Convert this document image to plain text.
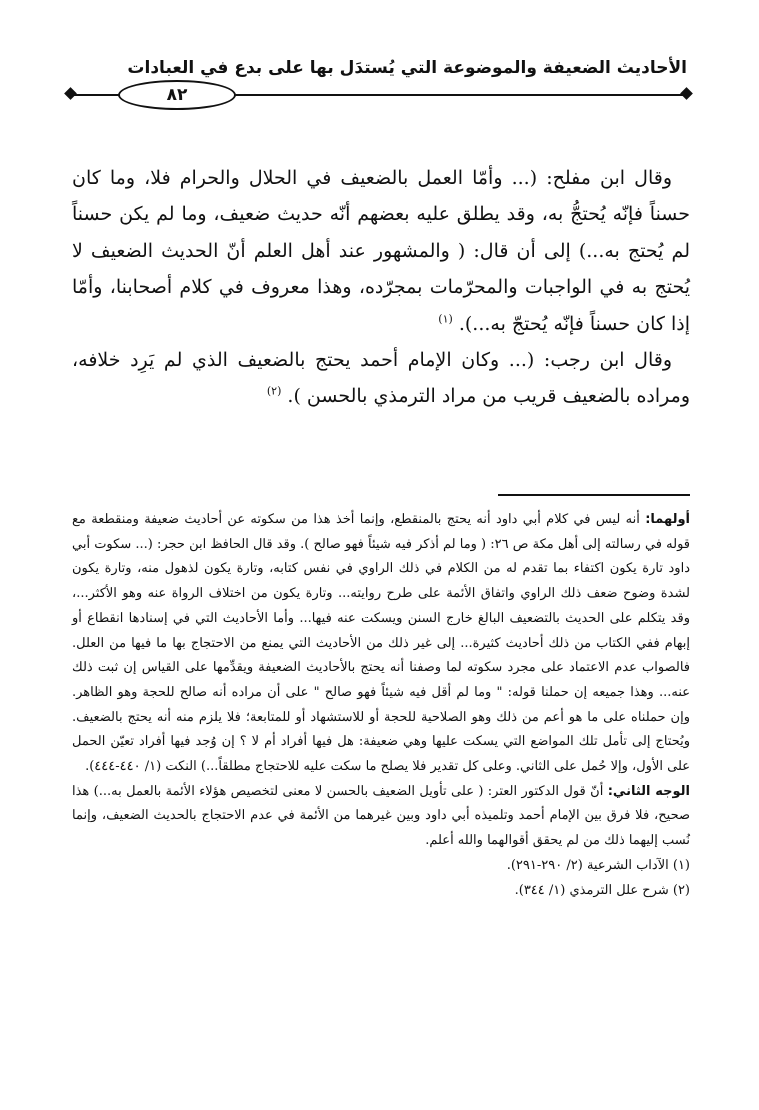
الأحاديث الضعيفة والموضوعة التي يُستدَل بها على بدع في العبادات
٨٢

وقال ابن مفلح: (... وأمّا العمل بالضعيف في الحلال والحرام فلا، وما كان حسناً فإنّه يُحتجُّ به، وقد يطلق عليه بعضهم أنّه حديث ضعيف، وما لم يكن حسناً لم يُحتج به...) إلى أن قال: ( والمشهور عند أهل العلم أنّ الحديث الضعيف لا يُحتج به في الواجبات والمحرّمات بمجرّده، وهذا معروف في كلام أصحابنا، وأمّا إذا كان حسناً فإنّه يُحتجّ به...). $^{(١)}$

وقال ابن رجب: (... وكان الإمام أحمد يحتج بالضعيف الذي لم يَرِد خلافه، ومراده بالضعيف قريب من مراد الترمذي بالحسن ). $^{(٢)}$

أولهما: أنه ليس في كلام أبي داود أنه يحتج بالمنقطع، وإنما أخذ هذا من سكوته عن أحاديث ضعيفة ومنقطعة مع قوله في رسالته إلى أهل مكة ص ٢٦: ( وما لم أذكر فيه شيئاً فهو صالح ). وقد قال الحافظ ابن حجر: (... سكوت أبي داود تارة يكون اكتفاء بما تقدم له من الكلام في ذلك الراوي في نفس كتابه، وتارة يكون لذهول منه، وتارة يكون لشدة وضوح ضعف ذلك الراوي واتفاق الأئمة على طرح روايته... وتارة يكون من اختلاف الرواة عنه وهو الأكثر...، وقد يتكلم على الحديث بالتضعيف البالغ خارج السنن ويسكت عنه فيها... وأما الأحاديث التي في إسنادها انقطاع أو إبهام ففي الكتاب من ذلك أحاديث كثيرة... إلى غير ذلك من الأحاديث التي يمنع من الاحتجاج بها ما فيها من العلل. فالصواب عدم الاعتماد على مجرد سكوته لما وصفنا أنه يحتج بالأحاديث الضعيفة ويقدِّمها على القياس إن ثبت ذلك عنه... وهذا جميعه إن حملنا قوله: " وما لم أقل فيه شيئاً فهو صالح " على أن مراده أنه صالح للحجة وهو الظاهر. وإن حملناه على ما هو أعم من ذلك وهو الصلاحية للحجة أو للاستشهاد أو للمتابعة؛ فلا يلزم منه أنه يحتج بالضعيف. ويُحتاج إلى تأمل تلك المواضع التي يسكت عليها وهي ضعيفة: هل فيها أفراد أم لا ؟ إن وُجد فيها أفراد تعيّن الحمل على الأول، وإلا حُمل على الثاني. وعلى كل تقدير فلا يصلح ما سكت عليه للاحتجاج مطلقاً...) النكت (١/ ٤٤٠-٤٤٤).

الوجه الثاني: أنّ قول الدكتور العتر: ( على تأويل الضعيف بالحسن لا معنى لتخصيص هؤلاء الأئمة بالعمل به...) هذا صحيح، فلا فرق بين الإمام أحمد وتلميذه أبي داود وبين غيرهما من الأئمة في عدم الاحتجاج بالحديث الضعيف، وإنما نُسب إليهما ذلك من لم يحقق أقوالهما والله أعلم.

(١) الآداب الشرعية (٢/ ٢٩٠-٢٩١).

(٢) شرح علل الترمذي (١/ ٣٤٤).
